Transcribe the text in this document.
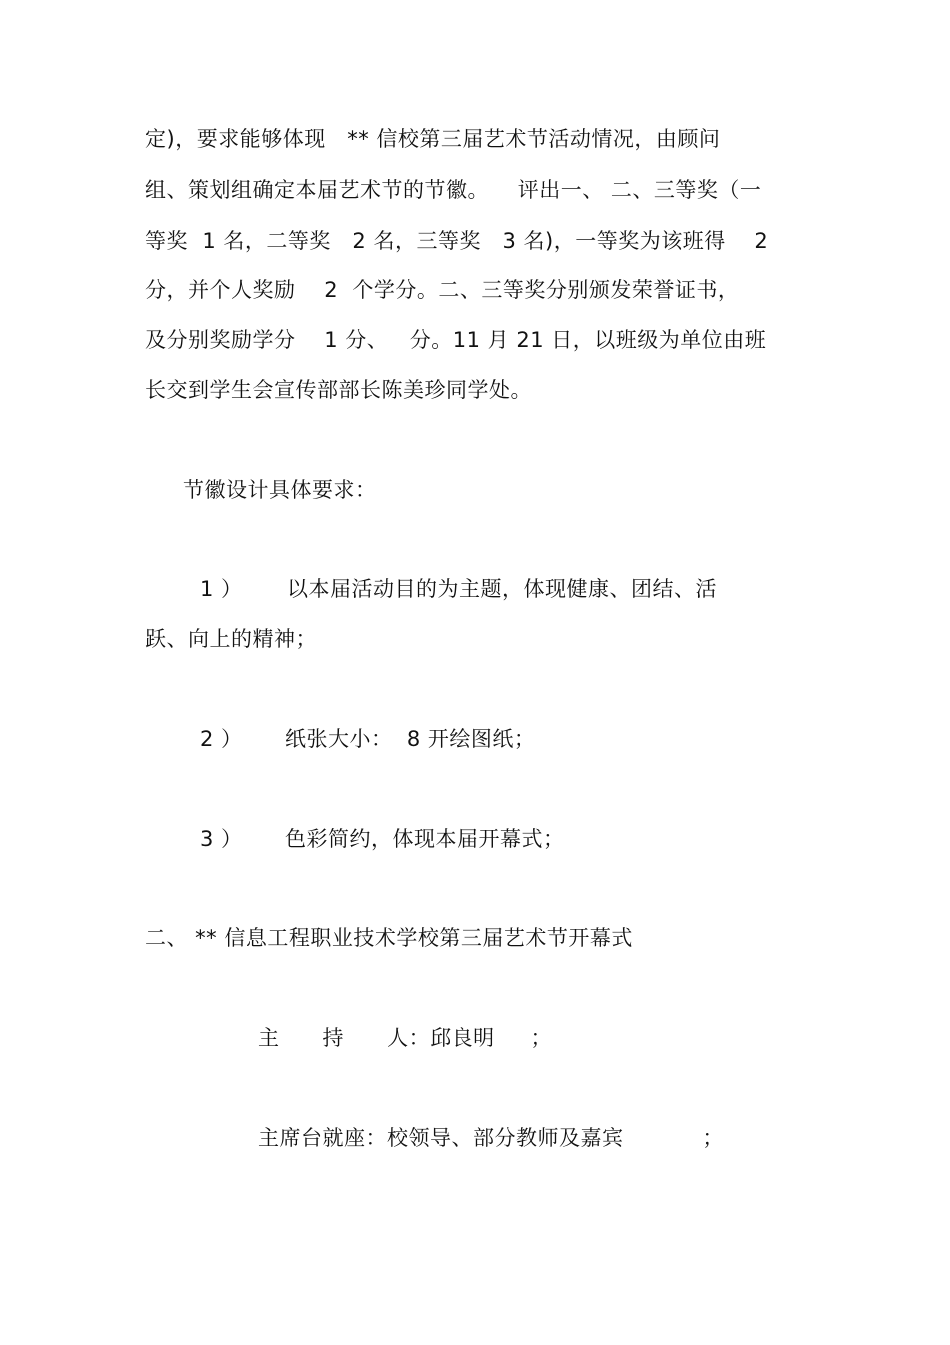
定)，要求能够体现   ** 信校第三届艺术节活动情况，由顾问
组、策划组确定本届艺术节的节徽。    评出一、 二、三等奖（一
等奖  1 名，二等奖   2 名，三等奖   3 名)，一等奖为该班得    2
分，并个人奖励    2  个学分。二、三等奖分别颁发荣誉证书，
及分别奖励学分    1 分、   分。11 月 21 日，以班级为单位由班
长交到学生会宣传部部长陈美珍同学处。
节徽设计具体要求：
1 ） 以本届活动目的为主题，体现健康、团结、活
跃、向上的精神；
2 ） 纸张大小：  8 开绘图纸；
3 ） 色彩简约，体现本届开幕式；
二、 ** 信息工程职业技术学校第三届艺术节开幕式
主      持      人：邱良明     ；
主席台就座：校领导、部分教师及嘉宾           ；
